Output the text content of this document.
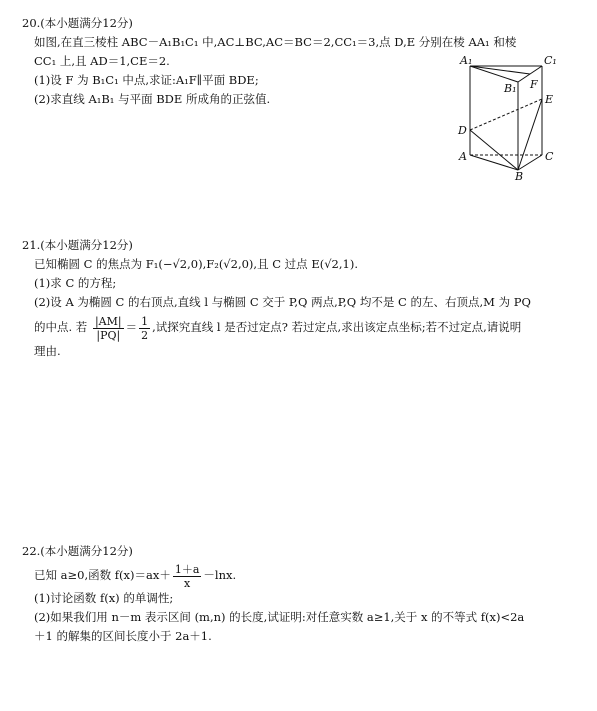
20.(本小题满分12分)
如图,在直三棱柱 ABC－A₁B₁C₁ 中,AC⊥BC,AC＝BC＝2,CC₁＝3,点 D,E 分别在棱 AA₁ 和棱
CC₁ 上,且 AD＝1,CE＝2.
(1)设 F 为 B₁C₁ 中点,求证:A₁F∥平面 BDE;
(2)求直线 A₁B₁ 与平面 BDE 所成角的正弦值.
A₁	C₁
B₁ F
E
D
A	C
B
21.(本小题满分12分)
已知椭圆 C 的焦点为 F₁(−√2,0),F₂(√2,0),且 C 过点 E(√2,1).
(1)求 C 的方程;
(2)设 A 为椭圆 C 的右顶点,直线 l 与椭圆 C 交于 P,Q 两点,P,Q 均不是 C 的左、右顶点,M 为 PQ
的中点. 若 $\frac{|AM|}{|PQ|} = \frac{1}{2}$ ,试探究直线 l 是否过定点? 若过定点,求出该定点坐标;若不过定点,请说明
理由.
22.(本小题满分12分)
已知 a≥0,函数 $f(x)=ax+ \frac{1+a}{x} -\ln x$.
(1)讨论函数 f(x) 的单调性;
(2)如果我们用 n－m 表示区间 (m,n) 的长度,试证明:对任意实数 a≥1,关于 x 的不等式 f(x)<2a
＋1 的解集的区间长度小于 2a＋1.
